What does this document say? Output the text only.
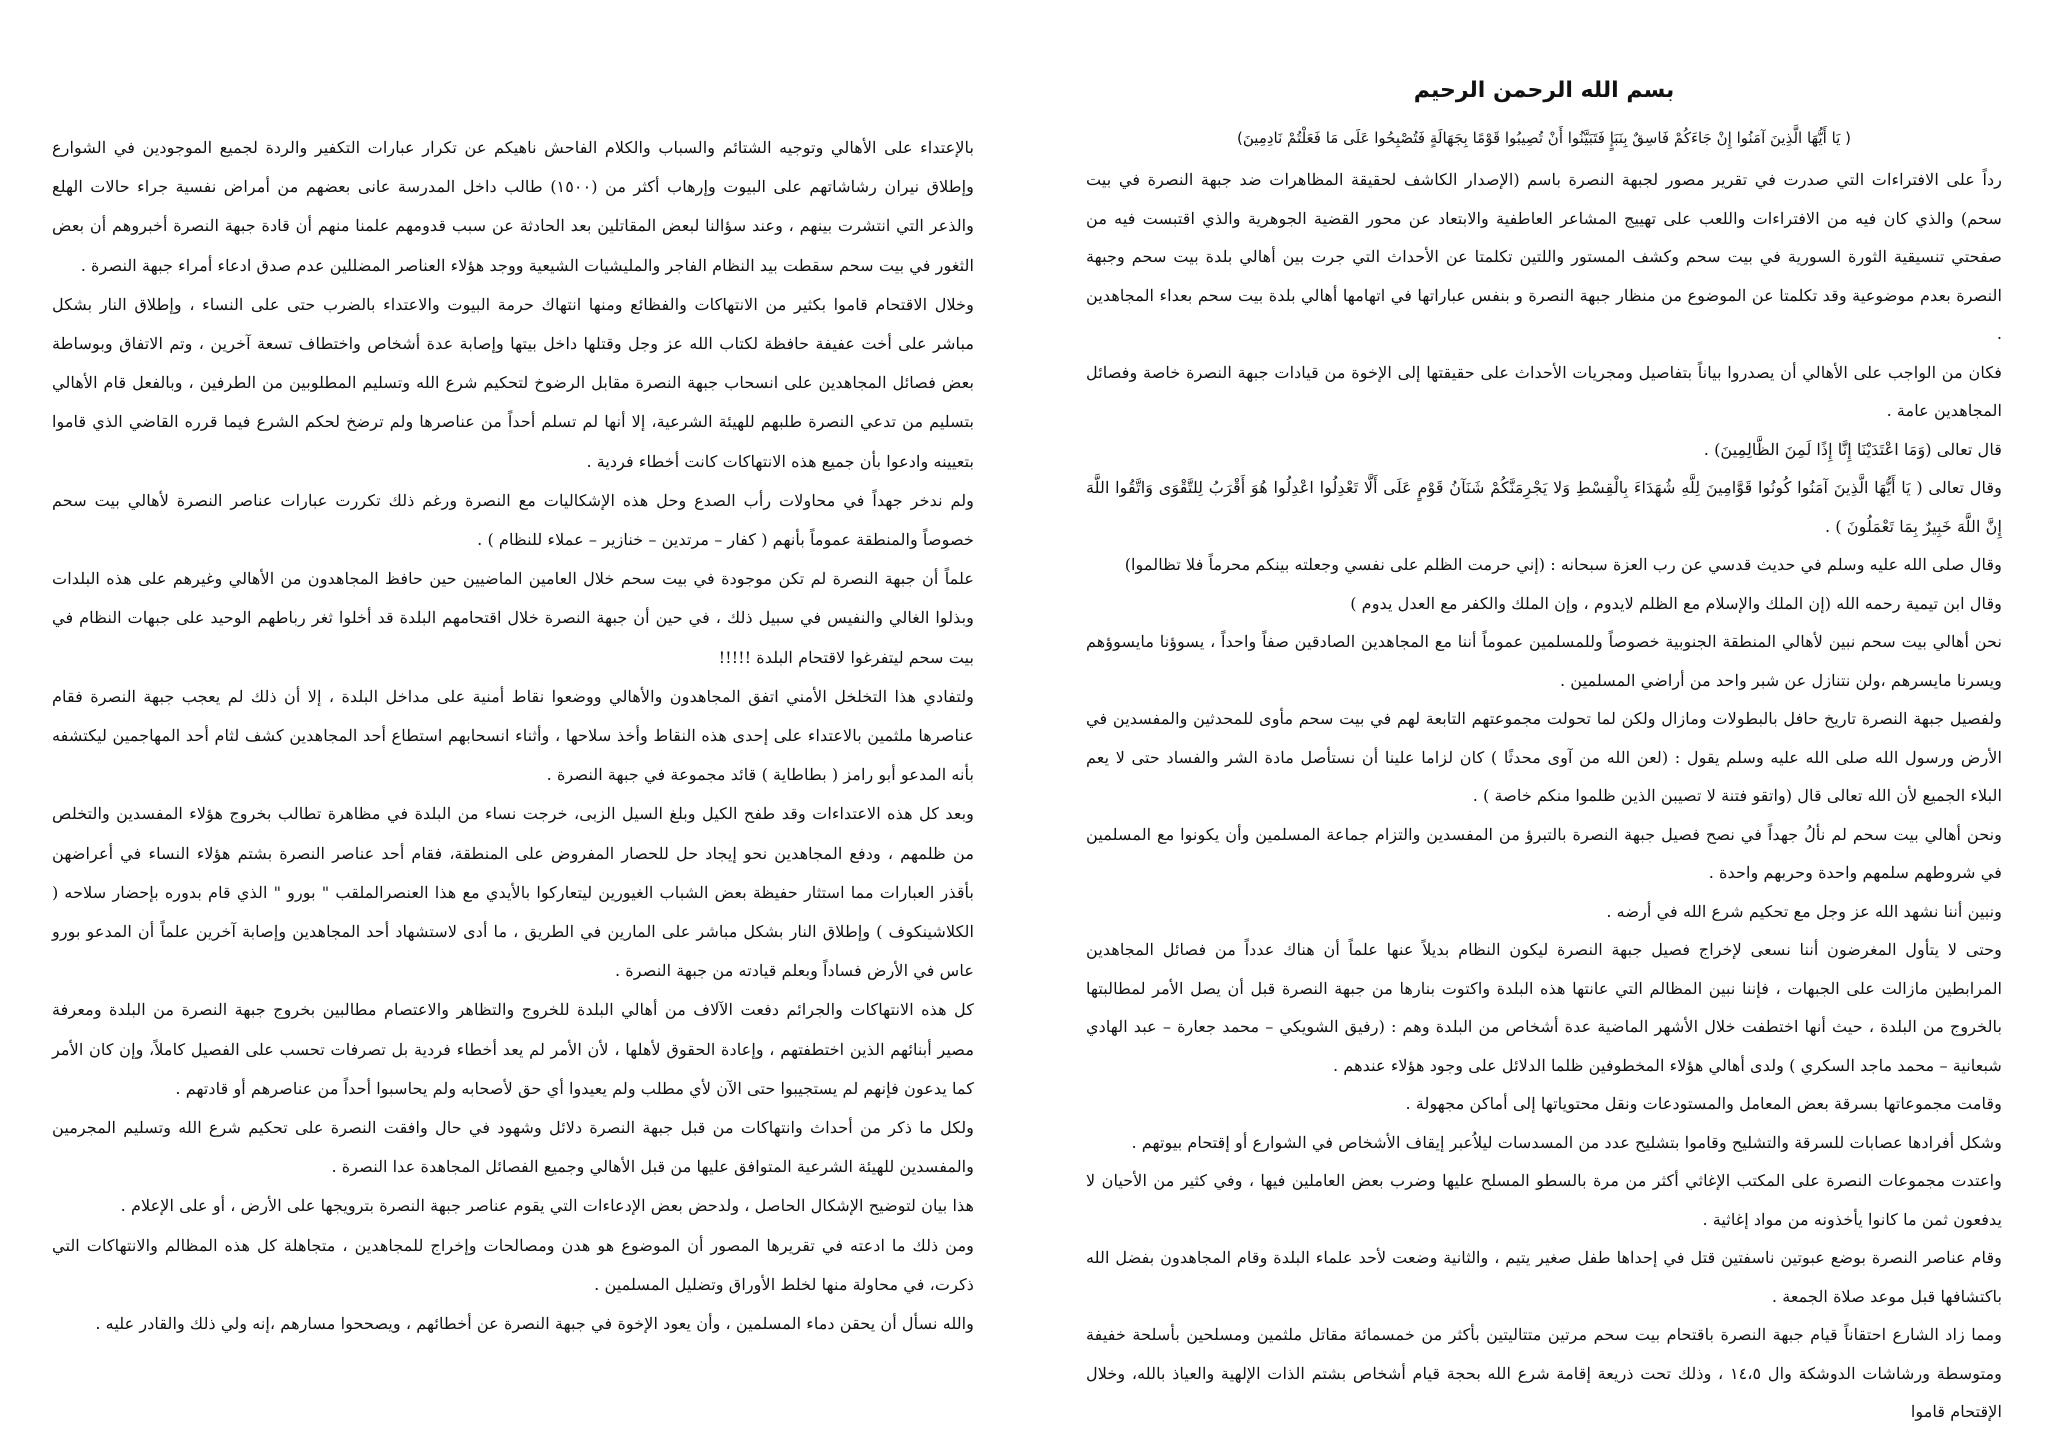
بالإعتداء على الأهالي وتوجيه الشتائم والسباب والكلام الفاحش ناهيكم عن تكرار عبارات التكفير والردة لجميع الموجودين في الشوارع وإطلاق نيران رشاشاتهم على البيوت وإرهاب أكثر من (١٥٠٠) طالب داخل المدرسة عانى بعضهم من أمراض نفسية جراء حالات الهلع والذعر التي انتشرت بينهم ، وعند سؤالنا لبعض المقاتلين بعد الحادثة عن سبب قدومهم علمنا منهم أن قادة جبهة النصرة أخبروهم أن بعض الثغور في بيت سحم سقطت بيد النظام الفاجر والمليشيات الشيعية ووجد هؤلاء العناصر المضللين عدم صدق ادعاء أمراء جبهة النصرة .

وخلال الاقتحام قاموا بكثير من الانتهاكات والفظائع ومنها انتهاك حرمة البيوت والاعتداء بالضرب حتى على النساء ، وإطلاق النار بشكل مباشر على أخت عفيفة حافظة لكتاب الله عز وجل وقتلها داخل بيتها وإصابة عدة أشخاص واختطاف تسعة آخرين ، وتم الاتفاق وبوساطة بعض فصائل المجاهدين على انسحاب جبهة النصرة مقابل الرضوخ لتحكيم شرع الله وتسليم المطلوبين من الطرفين ، وبالفعل قام الأهالي بتسليم من تدعي النصرة طلبهم للهيئة الشرعية، إلا أنها لم تسلم أحداً من عناصرها ولم ترضخ لحكم الشرع فيما قرره القاضي الذي قاموا بتعيينه وادعوا بأن جميع هذه الانتهاكات كانت أخطاء فردية .

ولم ندخر جهداً في محاولات رأب الصدع وحل هذه الإشكاليات مع النصرة ورغم ذلك تكررت عبارات عناصر النصرة لأهالي بيت سحم خصوصاً والمنطقة عموماً بأنهم ( كفار – مرتدين – خنازير – عملاء للنظام ) .

علماً أن جبهة النصرة لم تكن موجودة في بيت سحم خلال العامين الماضيين حين حافظ المجاهدون من الأهالي وغيرهم على هذه البلدات وبذلوا الغالي والنفيس في سبيل ذلك ، في حين أن جبهة النصرة خلال اقتحامهم البلدة قد أخلوا ثغر رباطهم الوحيد على جبهات النظام في بيت سحم ليتفرغوا لاقتحام البلدة !!!!!

ولتفادي هذا التخلخل الأمني اتفق المجاهدون والأهالي ووضعوا نقاط أمنية على مداخل البلدة ، إلا أن ذلك لم يعجب جبهة النصرة فقام عناصرها ملثمين بالاعتداء على إحدى هذه النقاط وأخذ سلاحها ، وأثناء انسحابهم استطاع أحد المجاهدين كشف لثام أحد المهاجمين ليكتشفه بأنه المدعو أبو رامز ( بطاطاية ) قائد مجموعة في جبهة النصرة .

وبعد كل هذه الاعتداءات وقد طفح الكيل وبلغ السيل الزبى، خرجت نساء من البلدة في مظاهرة تطالب بخروج هؤلاء المفسدين والتخلص من ظلمهم ، ودفع المجاهدين نحو إيجاد حل للحصار المفروض على المنطقة، فقام أحد عناصر النصرة بشتم هؤلاء النساء في أعراضهن بأقذر العبارات مما استثار حفيظة بعض الشباب الغيورين ليتعاركوا بالأيدي مع هذا العنصرالملقب " بورو " الذي قام بدوره بإحضار سلاحه ( الكلاشينكوف ) وإطلاق النار بشكل مباشر على المارين في الطريق ، ما أدى لاستشهاد أحد المجاهدين وإصابة آخرين علماً أن المدعو بورو عاس في الأرض فساداً وبعلم قيادته من جبهة النصرة .

كل هذه الانتهاكات والجرائم دفعت الآلاف من أهالي البلدة للخروج والتظاهر والاعتصام مطالبين بخروج جبهة النصرة من البلدة ومعرفة مصير أبنائهم الذين اختطفتهم ، وإعادة الحقوق لأهلها ، لأن الأمر لم يعد أخطاء فردية بل تصرفات تحسب على الفصيل كاملاً، وإن كان الأمر كما يدعون فإنهم لم يستجيبوا حتى الآن لأي مطلب ولم يعيدوا أي حق لأصحابه ولم يحاسبوا أحداً من عناصرهم أو قادتهم .

ولكل ما ذكر من أحداث وانتهاكات من قبل جبهة النصرة دلائل وشهود في حال وافقت النصرة على تحكيم شرع الله وتسليم المجرمين والمفسدين للهيئة الشرعية المتوافق عليها من قبل الأهالي وجميع الفصائل المجاهدة عدا النصرة .

هذا بيان لتوضيح الإشكال الحاصل ، ولدحض بعض الإدعاءات التي يقوم عناصر جبهة النصرة بترويجها على الأرض ، أو على الإعلام .

ومن ذلك ما ادعته في تقريرها المصور أن الموضوع هو هدن ومصالحات وإخراج للمجاهدين ، متجاهلة كل هذه المظالم والانتهاكات التي ذكرت، في محاولة منها لخلط الأوراق وتضليل المسلمين .

والله نسأل أن يحقن دماء المسلمين ، وأن يعود الإخوة في جبهة النصرة عن أخطائهم ، ويصححوا مسارهم ،إنه ولي ذلك والقادر عليه .

بسم الله الرحمن الرحيم

( يَا أَيُّهَا الَّذِينَ آمَنُوا إِنْ جَاءَكُمْ فَاسِقٌ بِنَبَإٍ فَتَبَيَّنُوا أَنْ تُصِيبُوا قَوْمًا بِجَهَالَةٍ فَتُصْبِحُوا عَلَى مَا فَعَلْتُمْ نَادِمِينَ)

رداً على الافتراءات التي صدرت في تقرير مصور لجبهة النصرة باسم (الإصدار الكاشف لحقيقة المظاهرات ضد جبهة النصرة في بيت سحم) والذي كان فيه من الافتراءات واللعب على تهييج المشاعر العاطفية والابتعاد عن محور القضية الجوهرية والذي اقتبست فيه من صفحتي تنسيقية الثورة السورية في بيت سحم وكشف المستور واللتين تكلمتا عن الأحداث التي جرت بين أهالي بلدة بيت سحم وجبهة النصرة بعدم موضوعية وقد تكلمتا عن الموضوع من منظار جبهة النصرة و بنفس عباراتها في اتهامها أهالي بلدة بيت سحم بعداء المجاهدين .

فكان من الواجب على الأهالي أن يصدروا بياناً بتفاصيل ومجريات الأحداث على حقيقتها إلى الإخوة من قيادات جبهة النصرة خاصة وفصائل المجاهدين عامة .

قال تعالى (وَمَا اعْتَدَيْنَا إِنَّا إِذًا لَمِنَ الظَّالِمِينَ) .

وقال تعالى ( يَا أَيُّهَا الَّذِينَ آمَنُوا كُونُوا قَوَّامِينَ لِلَّهِ شُهَدَاءَ بِالْقِسْطِ وَلا يَجْرِمَنَّكُمْ شَنَآنُ قَوْمٍ عَلَى أَلَّا تَعْدِلُوا اعْدِلُوا هُوَ أَقْرَبُ لِلتَّقْوَى وَاتَّقُوا اللَّهَ إِنَّ اللَّهَ خَبِيرٌ بِمَا تَعْمَلُونَ ) .

وقال صلى الله عليه وسلم في حديث قدسي عن رب العزة سبحانه : (إني حرمت الظلم على نفسي وجعلته بينكم محرماً فلا تظالموا)

وقال ابن تيمية رحمه الله (إن الملك والإسلام مع الظلم لايدوم ، وإن الملك والكفر مع العدل يدوم )

نحن أهالي بيت سحم نبين لأهالي المنطقة الجنوبية خصوصاً وللمسلمين عموماً أننا مع المجاهدين الصادقين صفاً واحداً ، يسوؤنا مايسوؤهم ويسرنا مايسرهم ،ولن نتنازل عن شبر واحد من أراضي المسلمين .

ولفصيل جبهة النصرة تاريخ حافل بالبطولات ومازال ولكن لما تحولت مجموعتهم التابعة لهم في بيت سحم مأوى للمحدثين والمفسدين في الأرض ورسول الله صلى الله عليه وسلم يقول : (لعن الله من آوى محدثًا ) كان لزاما علينا أن نستأصل مادة الشر والفساد حتى لا يعم البلاء الجميع لأن الله تعالى قال (واتقو فتنة لا تصيبن الذين ظلموا منكم خاصة ) .

ونحن أهالي بيت سحم لم نألُ جهداً في نصح فصيل جبهة النصرة بالتبرؤ من المفسدين والتزام جماعة المسلمين وأن يكونوا مع المسلمين في شروطهم سلمهم واحدة وحربهم واحدة .

ونبين أننا نشهد الله عز وجل مع تحكيم شرع الله في أرضه .

وحتى لا يتأول المغرضون أننا نسعى لإخراج فصيل جبهة النصرة ليكون النظام بديلاً عنها علماً أن هناك عدداً من فصائل المجاهدين المرابطين مازالت على الجبهات ، فإننا نبين المظالم التي عانتها هذه البلدة واكتوت بنارها من جبهة النصرة قبل أن يصل الأمر لمطالبتها بالخروج من البلدة ، حيث أنها اختطفت خلال الأشهر الماضية عدة أشخاص من البلدة وهم : (رفيق الشويكي – محمد جعارة – عبد الهادي شبعانية – محمد ماجد السكري ) ولدى أهالي هؤلاء المخطوفين ظلما الدلائل على وجود هؤلاء عندهم .

وقامت مجموعاتها بسرقة بعض المعامل والمستودعات ونقل محتوياتها إلى أماكن مجهولة .

وشكل أفرادها عصابات للسرقة والتشليح وقاموا بتشليح عدد من المسدسات ليلاُعبر إيقاف الأشخاص في الشوارع أو إقتحام بيوتهم .

واعتدت مجموعات النصرة على المكتب الإغاثي أكثر من مرة بالسطو المسلح عليها وضرب بعض العاملين فيها ، وفي كثير من الأحيان لا يدفعون ثمن ما كانوا يأخذونه من مواد إغاثية .

وقام عناصر النصرة بوضع عبوتين ناسفتين قتل في إحداها طفل صغير يتيم ، والثانية وضعت لأحد علماء البلدة وقام المجاهدون بفضل الله باكتشافها قبل موعد صلاة الجمعة .

ومما زاد الشارع احتقاناً قيام جبهة النصرة باقتحام بيت سحم مرتين متتاليتين بأكثر من خمسمائة مقاتل ملثمين ومسلحين بأسلحة خفيفة ومتوسطة ورشاشات الدوشكة وال ١٤،٥ ، وذلك تحت ذريعة إقامة شرع الله بحجة قيام أشخاص بشتم الذات الإلهية والعياذ بالله، وخلال الإقتحام قاموا
